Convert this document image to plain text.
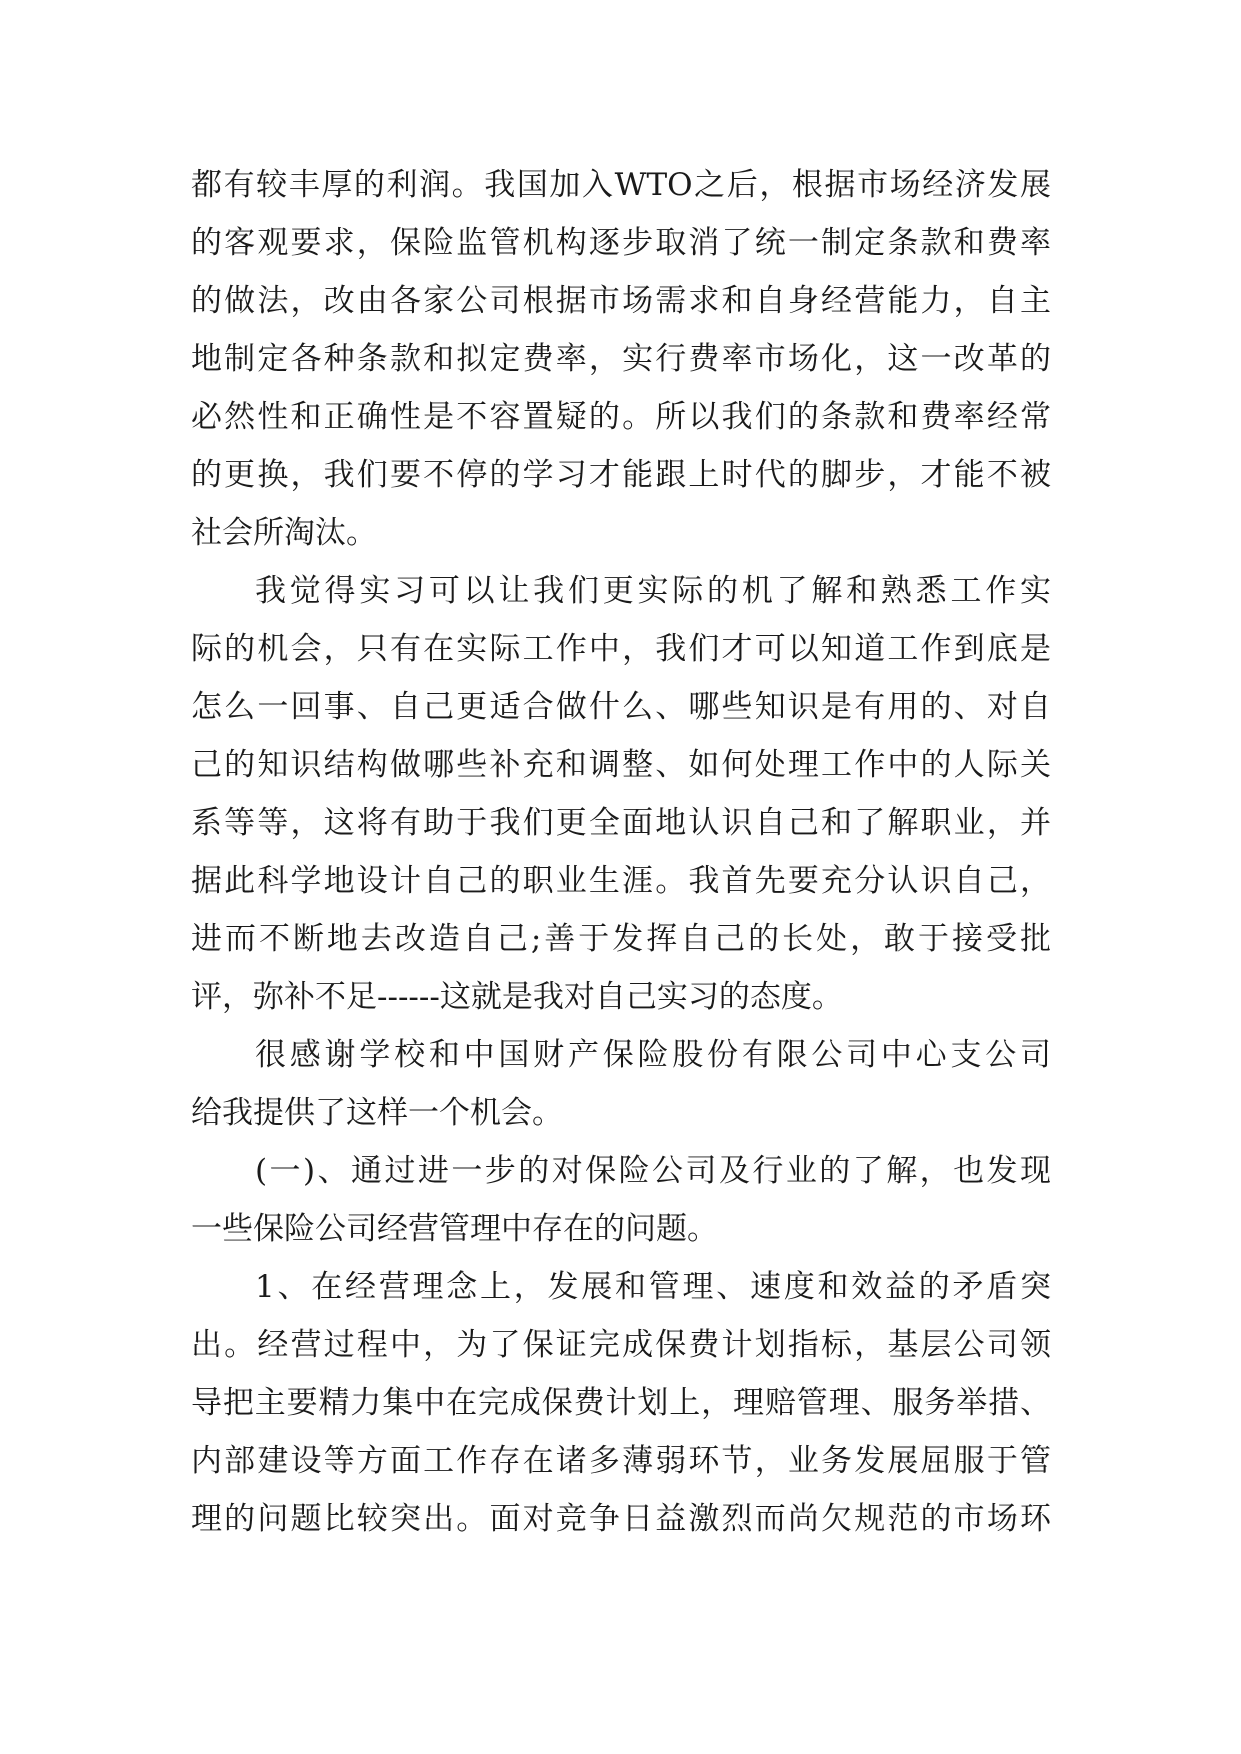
都有较丰厚的利润。我国加入WTO之后，根据市场经济发展
的客观要求，保险监管机构逐步取消了统一制定条款和费率
的做法，改由各家公司根据市场需求和自身经营能力，自主
地制定各种条款和拟定费率，实行费率市场化，这一改革的
必然性和正确性是不容置疑的。所以我们的条款和费率经常
的更换，我们要不停的学习才能跟上时代的脚步，才能不被
社会所淘汰。
我觉得实习可以让我们更实际的机了解和熟悉工作实
际的机会，只有在实际工作中，我们才可以知道工作到底是
怎么一回事、自己更适合做什么、哪些知识是有用的、对自
己的知识结构做哪些补充和调整、如何处理工作中的人际关
系等等，这将有助于我们更全面地认识自己和了解职业，并
据此科学地设计自己的职业生涯。我首先要充分认识自己，
进而不断地去改造自己;善于发挥自己的长处，敢于接受批
评，弥补不足------这就是我对自己实习的态度。
很感谢学校和中国财产保险股份有限公司中心支公司
给我提供了这样一个机会。
(一)、通过进一步的对保险公司及行业的了解，也发现
一些保险公司经营管理中存在的问题。
1、在经营理念上，发展和管理、速度和效益的矛盾突
出。经营过程中，为了保证完成保费计划指标，基层公司领
导把主要精力集中在完成保费计划上，理赔管理、服务举措、
内部建设等方面工作存在诸多薄弱环节，业务发展屈服于管
理的问题比较突出。面对竞争日益激烈而尚欠规范的市场环
